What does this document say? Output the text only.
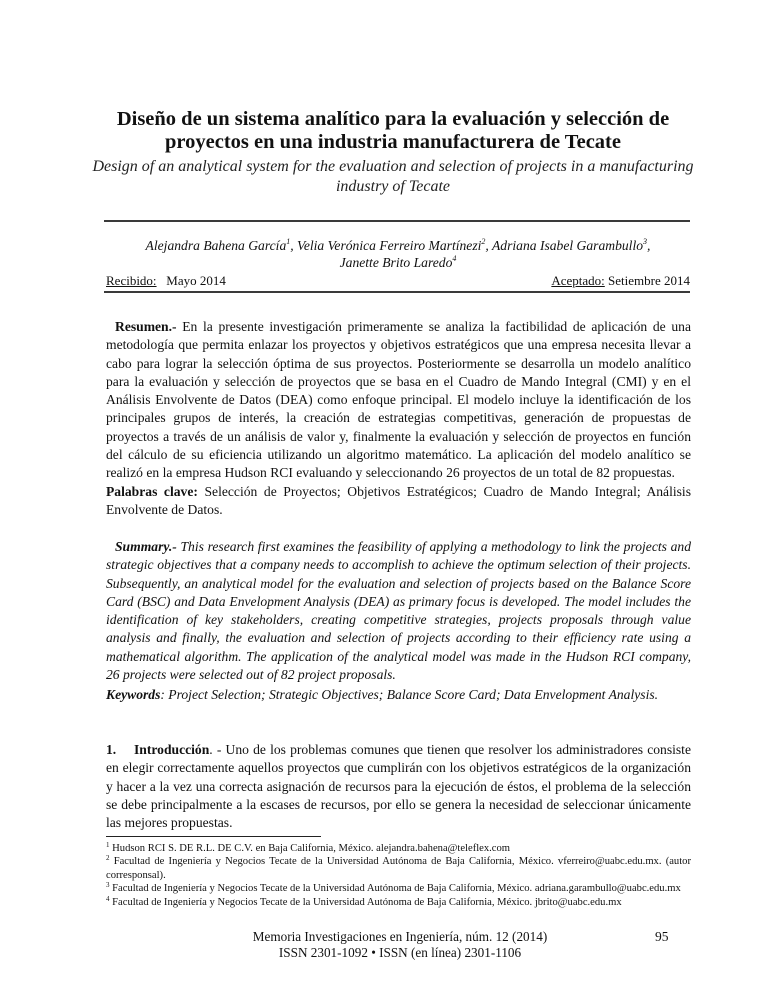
Diseño de un sistema analítico para la evaluación y selección de proyectos en una industria manufacturera de Tecate
Design of an analytical system for the evaluation and selection of projects in a manufacturing industry of Tecate
Alejandra Bahena García$^1$, Velia Verónica Ferreiro Martínezi$^2$, Adriana Isabel Garambullo$^3$,
Janette Brito Laredo$^4$
Recibido: Mayo 2014	Aceptado: Setiembre 2014
Resumen.- En la presente investigación primeramente se analiza la factibilidad de aplicación de una metodología que permita enlazar los proyectos y objetivos estratégicos que una empresa necesita llevar a cabo para lograr la selección óptima de sus proyectos. Posteriormente se desarrolla un modelo analítico para la evaluación y selección de proyectos que se basa en el Cuadro de Mando Integral (CMI) y en el Análisis Envolvente de Datos (DEA) como enfoque principal. El modelo incluye la identificación de los principales grupos de interés, la creación de estrategias competitivas, generación de propuestas de proyectos a través de un análisis de valor y, finalmente la evaluación y selección de proyectos en función del cálculo de su eficiencia utilizando un algoritmo matemático. La aplicación del modelo analítico se realizó en la empresa Hudson RCI evaluando y seleccionando 26 proyectos de un total de 82 propuestas.
Palabras clave: Selección de Proyectos; Objetivos Estratégicos; Cuadro de Mando Integral; Análisis Envolvente de Datos.
Summary.- This research first examines the feasibility of applying a methodology to link the projects and strategic objectives that a company needs to accomplish to achieve the optimum selection of their projects. Subsequently, an analytical model for the evaluation and selection of projects based on the Balance Score Card (BSC) and Data Envelopment Analysis (DEA) as primary focus is developed. The model includes the identification of key stakeholders, creating competitive strategies, projects proposals through value analysis and finally, the evaluation and selection of projects according to their efficiency rate using a mathematical algorithm. The application of the analytical model was made in the Hudson RCI company, 26 projects were selected out of 82 project proposals.
Keywords: Project Selection; Strategic Objectives; Balance Score Card; Data Envelopment Analysis.
1. Introducción. - Uno de los problemas comunes que tienen que resolver los administradores consiste en elegir correctamente aquellos proyectos que cumplirán con los objetivos estratégicos de la organización y hacer a la vez una correcta asignación de recursos para la ejecución de éstos, el problema de la selección se debe principalmente a la escases de recursos, por ello se genera la necesidad de seleccionar únicamente las mejores propuestas.

$^1$ Hudson RCI S. DE R.L. DE C.V. en Baja California, México. alejandra.bahena@teleflex.com

$^2$ Facultad de Ingeniería y Negocios Tecate de la Universidad Autónoma de Baja California, México. vferreiro@uabc.edu.mx. (autor corresponsal).

$^3$ Facultad de Ingeniería y Negocios Tecate de la Universidad Autónoma de Baja California, México. adriana.garambullo@uabc.edu.mx

$^4$ Facultad de Ingeniería y Negocios Tecate de la Universidad Autónoma de Baja California, México. jbrito@uabc.edu.mx

Memoria Investigaciones en Ingeniería, núm. 12 (2014)
ISSN 2301-1092 • ISSN (en línea) 2301-1106
95
